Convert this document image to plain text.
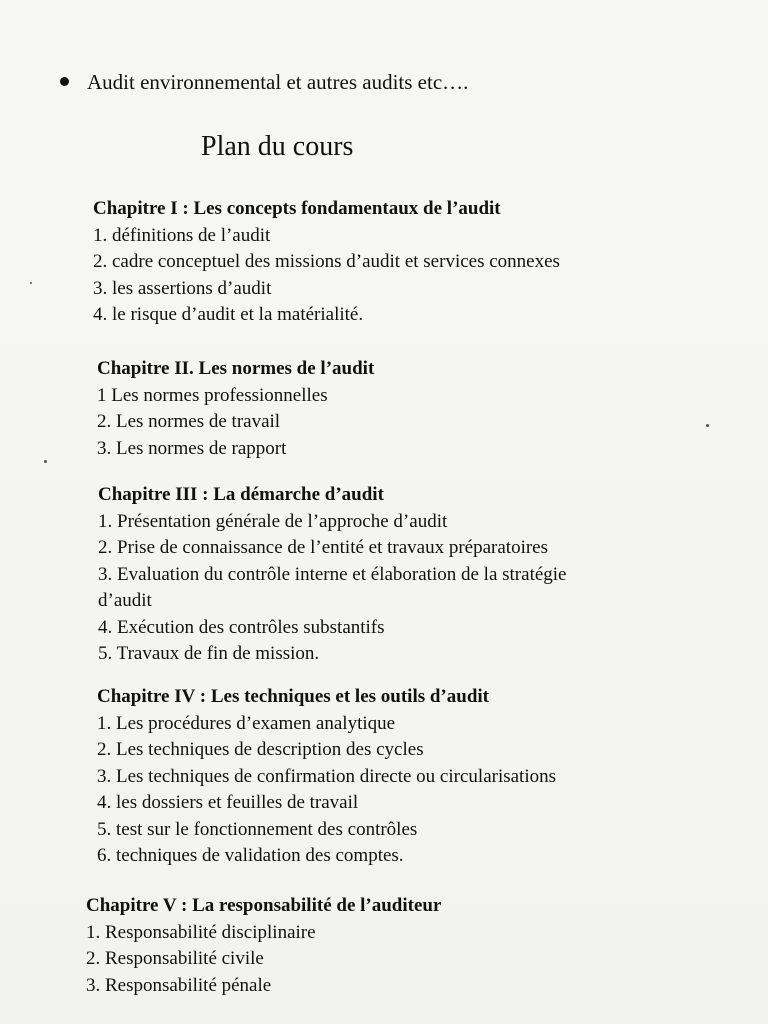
Audit environnemental et autres audits etc….
Plan du cours
Chapitre I : Les concepts fondamentaux de l’audit
1. définitions de l’audit
2. cadre conceptuel des missions d’audit et services connexes
3. les assertions d’audit
4. le risque d’audit et la matérialité.
Chapitre II. Les normes de l’audit
1 Les normes professionnelles
2. Les normes de travail
3. Les normes de rapport
Chapitre III : La démarche d’audit
1. Présentation générale de l’approche d’audit
2. Prise de connaissance de l’entité et travaux préparatoires
3. Evaluation du contrôle interne et élaboration de la stratégie
d’audit
4. Exécution des contrôles substantifs
5. Travaux de fin de mission.
Chapitre IV : Les techniques et les outils d’audit
1. Les procédures d’examen analytique
2. Les techniques de description des cycles
3. Les techniques de confirmation directe ou circularisations
4. les dossiers et feuilles de travail
5. test sur le fonctionnement des contrôles
6. techniques de validation des comptes.
Chapitre V : La responsabilité de l’auditeur
1. Responsabilité disciplinaire
2. Responsabilité civile
3. Responsabilité pénale
